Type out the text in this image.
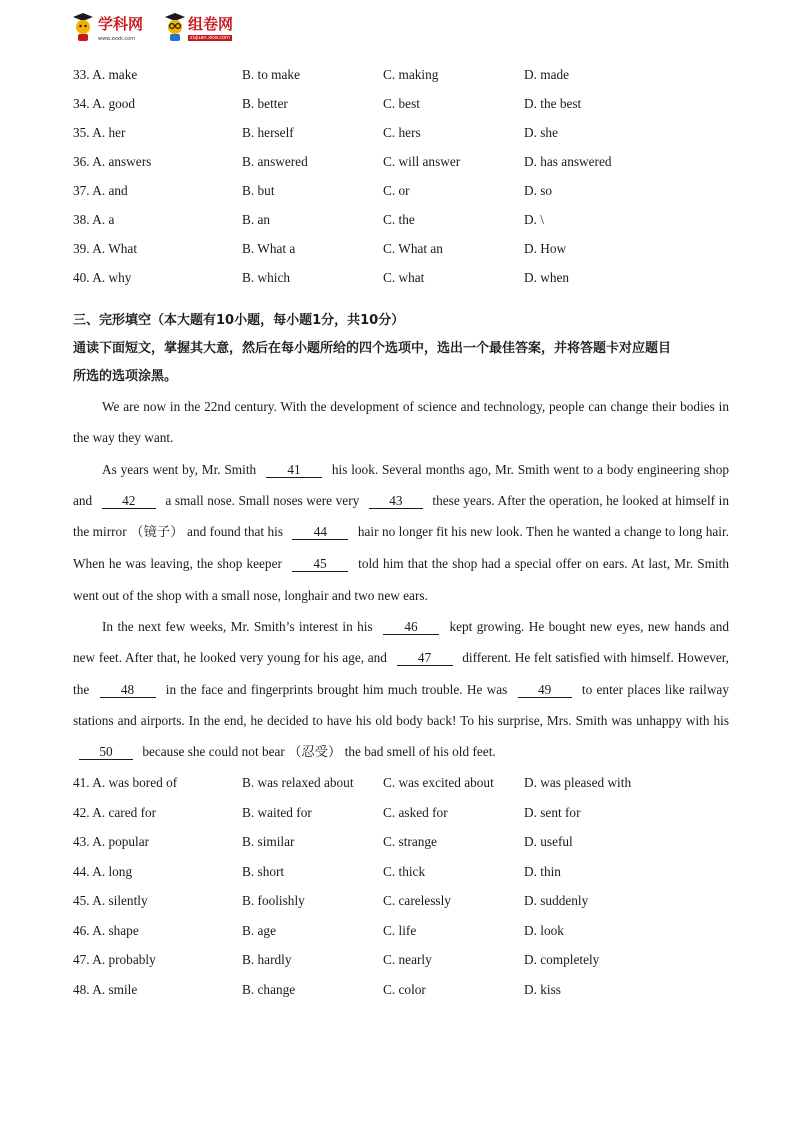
学科网
www.zxxk.com
组卷网
zujuan.xkw.com
33. A. make	B. to make	C. making	D. made
34. A. good	B. better	C. best	D. the best
35. A. her	B. herself	C. hers	D. she
36. A. answers	B. answered	C. will answer	D. has answered
37. A. and	B. but	C. or	D. so
38. A. a	B. an	C. the	D. \
39. A. What	B. What a	C. What an	D. How
40. A. why	B. which	C. what	D. when
三、完形填空（本大题有10小题，每小题1分，共10分）
通读下面短文，掌握其大意，然后在每小题所给的四个选项中，选出一个最佳答案，并将答题卡对应题目
所选的选项涂黑。

We are now in the 22nd century. With the development of science and technology, people can change their bodies in the way they want.

As years went by, Mr. Smith 41 his look. Several months ago, Mr. Smith went to a body engineering shop and 42 a small nose. Small noses were very 43 these years. After the operation, he looked at himself in the mirror （镜子） and found that his 44 hair no longer fit his new look. Then he wanted a change to long hair. When he was leaving, the shop keeper 45 told him that the shop had a special offer on ears. At last, Mr. Smith went out of the shop with a small nose, longhair and two new ears.

In the next few weeks, Mr. Smith’s interest in his 46 kept growing. He bought new eyes, new hands and new feet. After that, he looked very young for his age, and 47 different. He felt satisfied with himself. However, the 48 in the face and fingerprints brought him much trouble. He was 49 to enter places like railway stations and airports. In the end, he decided to have his old body back! To his surprise, Mrs. Smith was unhappy with his 50 because she could not bear （忍受） the bad smell of his old feet.

41. A. was bored of	B. was relaxed about	C. was excited about	D. was pleased with
42. A. cared for	B. waited for	C. asked for	D. sent for
43. A. popular	B. similar	C. strange	D. useful
44. A. long	B. short	C. thick	D. thin
45. A. silently	B. foolishly	C. carelessly	D. suddenly
46. A. shape	B. age	C. life	D. look
47. A. probably	B. hardly	C. nearly	D. completely
48. A. smile	B. change	C. color	D. kiss
